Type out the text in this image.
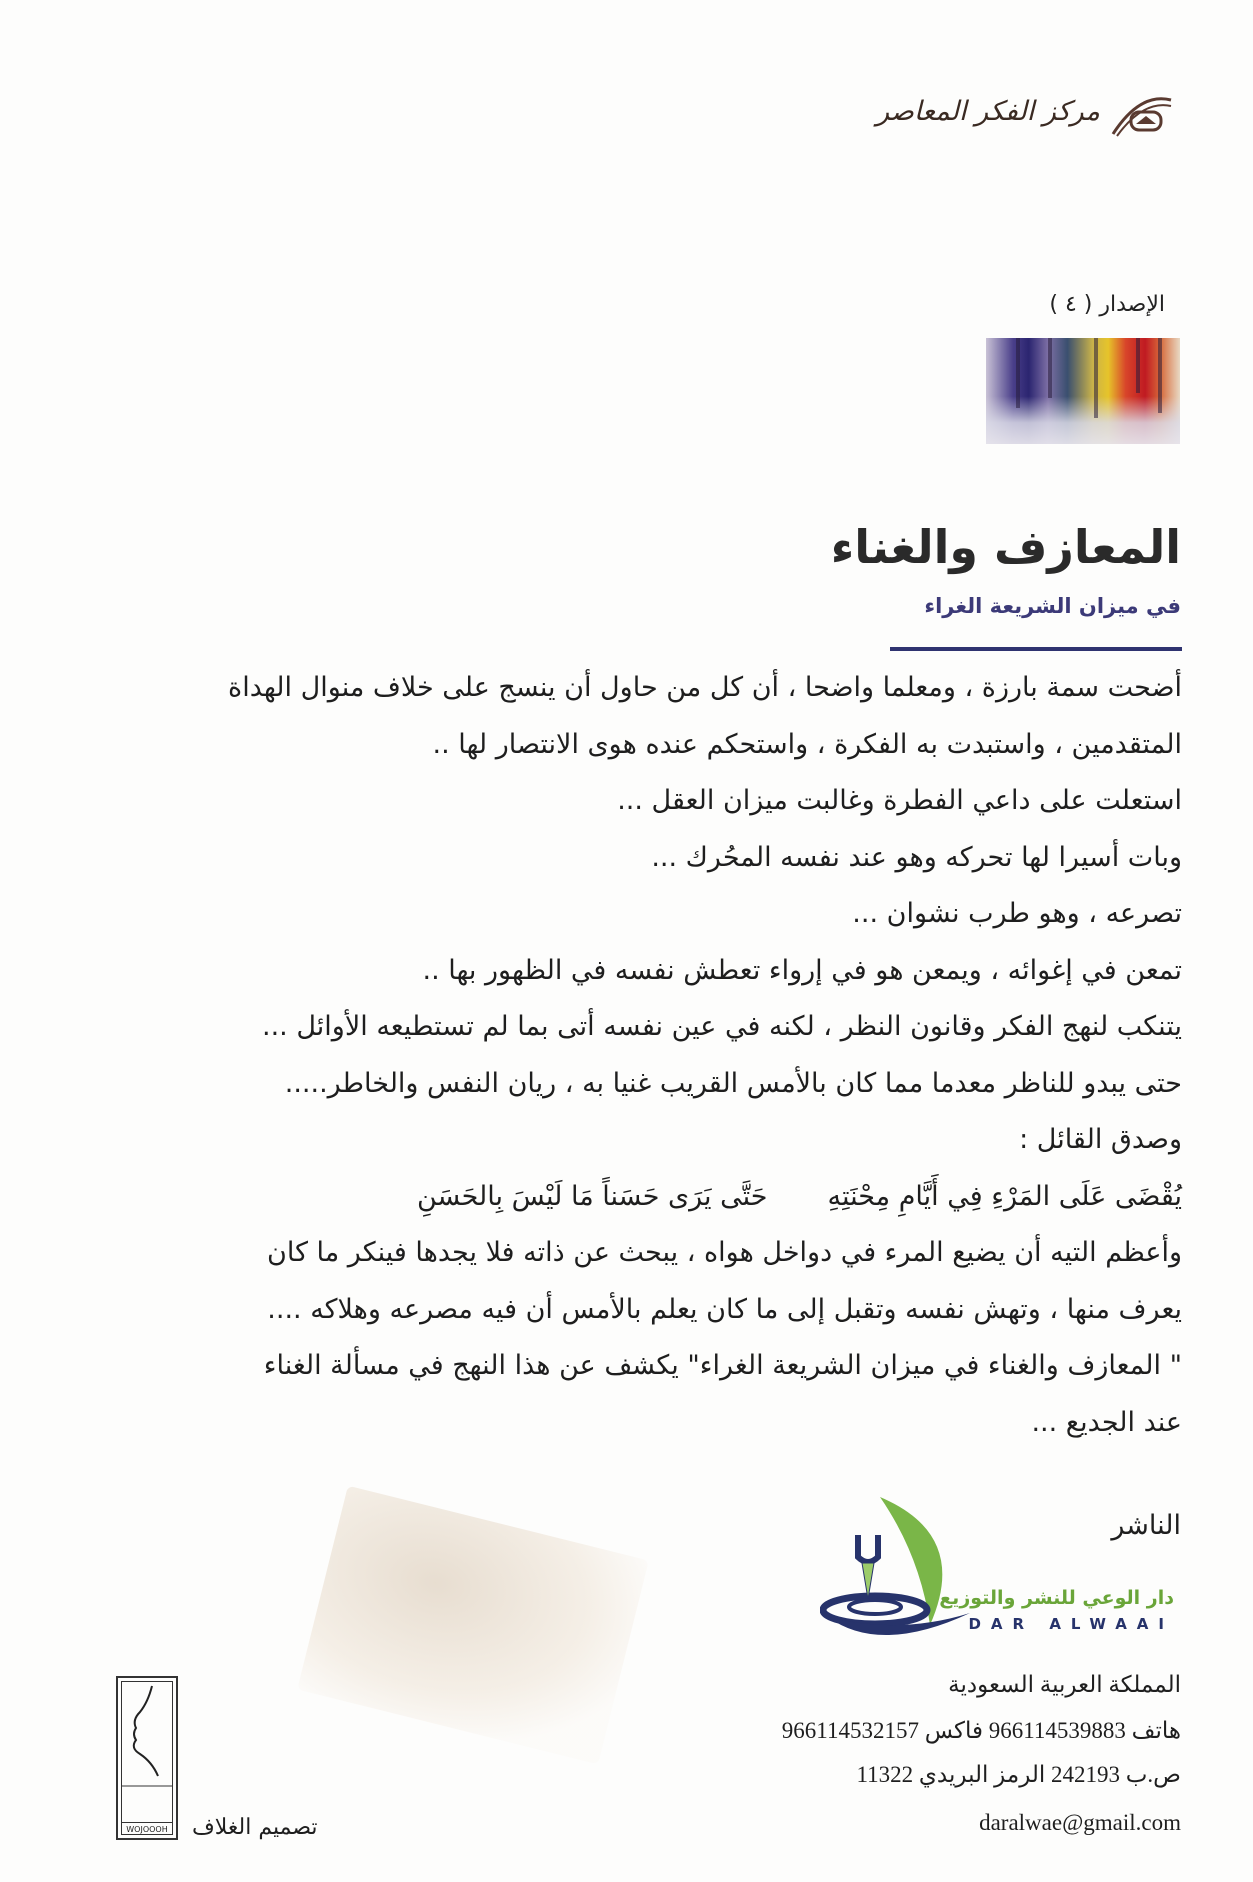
مركز الفكر المعاصر
الإصدار ( ٤ )
المعازف والغناء
في ميزان الشريعة الغراء
أضحت سمة بارزة ، ومعلما واضحا ، أن كل من حاول أن ينسج على خلاف منوال الهداة
المتقدمين ، واستبدت به الفكرة ، واستحكم عنده هوى الانتصار لها ..
استعلت على داعي الفطرة وغالبت ميزان العقل ...
وبات أسيرا لها تحركه وهو عند نفسه المحُرك ...
تصرعه ، وهو طرب نشوان ...
تمعن في إغوائه ، ويمعن هو في إرواء تعطش نفسه في الظهور بها ..
يتنكب لنهج الفكر وقانون النظر ، لكنه في عين نفسه أتى بما لم تستطيعه الأوائل ...
حتى يبدو للناظر معدما مما كان بالأمس القريب غنيا به ، ريان النفس والخاطر.....
وصدق القائل :
يُقْضَى عَلَى المَرْءِ فِي أَيَّامِ مِحْنَتِهِ
حَتَّى يَرَى حَسَناً مَا لَيْسَ بِالحَسَنِ
وأعظم التيه أن يضيع المرء في دواخل هواه ، يبحث عن ذاته فلا يجدها فينكر ما كان
يعرف منها ، وتهش نفسه وتقبل إلى ما كان يعلم بالأمس أن فيه مصرعه وهلاكه ....
" المعازف والغناء في ميزان الشريعة الغراء" يكشف عن هذا النهج في مسألة الغناء
عند الجديع ...
الناشر
دار الوعي للنشر والتوزيع
DAR ALWAAI
المملكة العربية السعودية
هاتف 966114539883 فاكس 966114532157
ص.ب 242193 الرمز البريدي 11322
daralwae@gmail.com
WOJOOOH تصميم الغلاف
